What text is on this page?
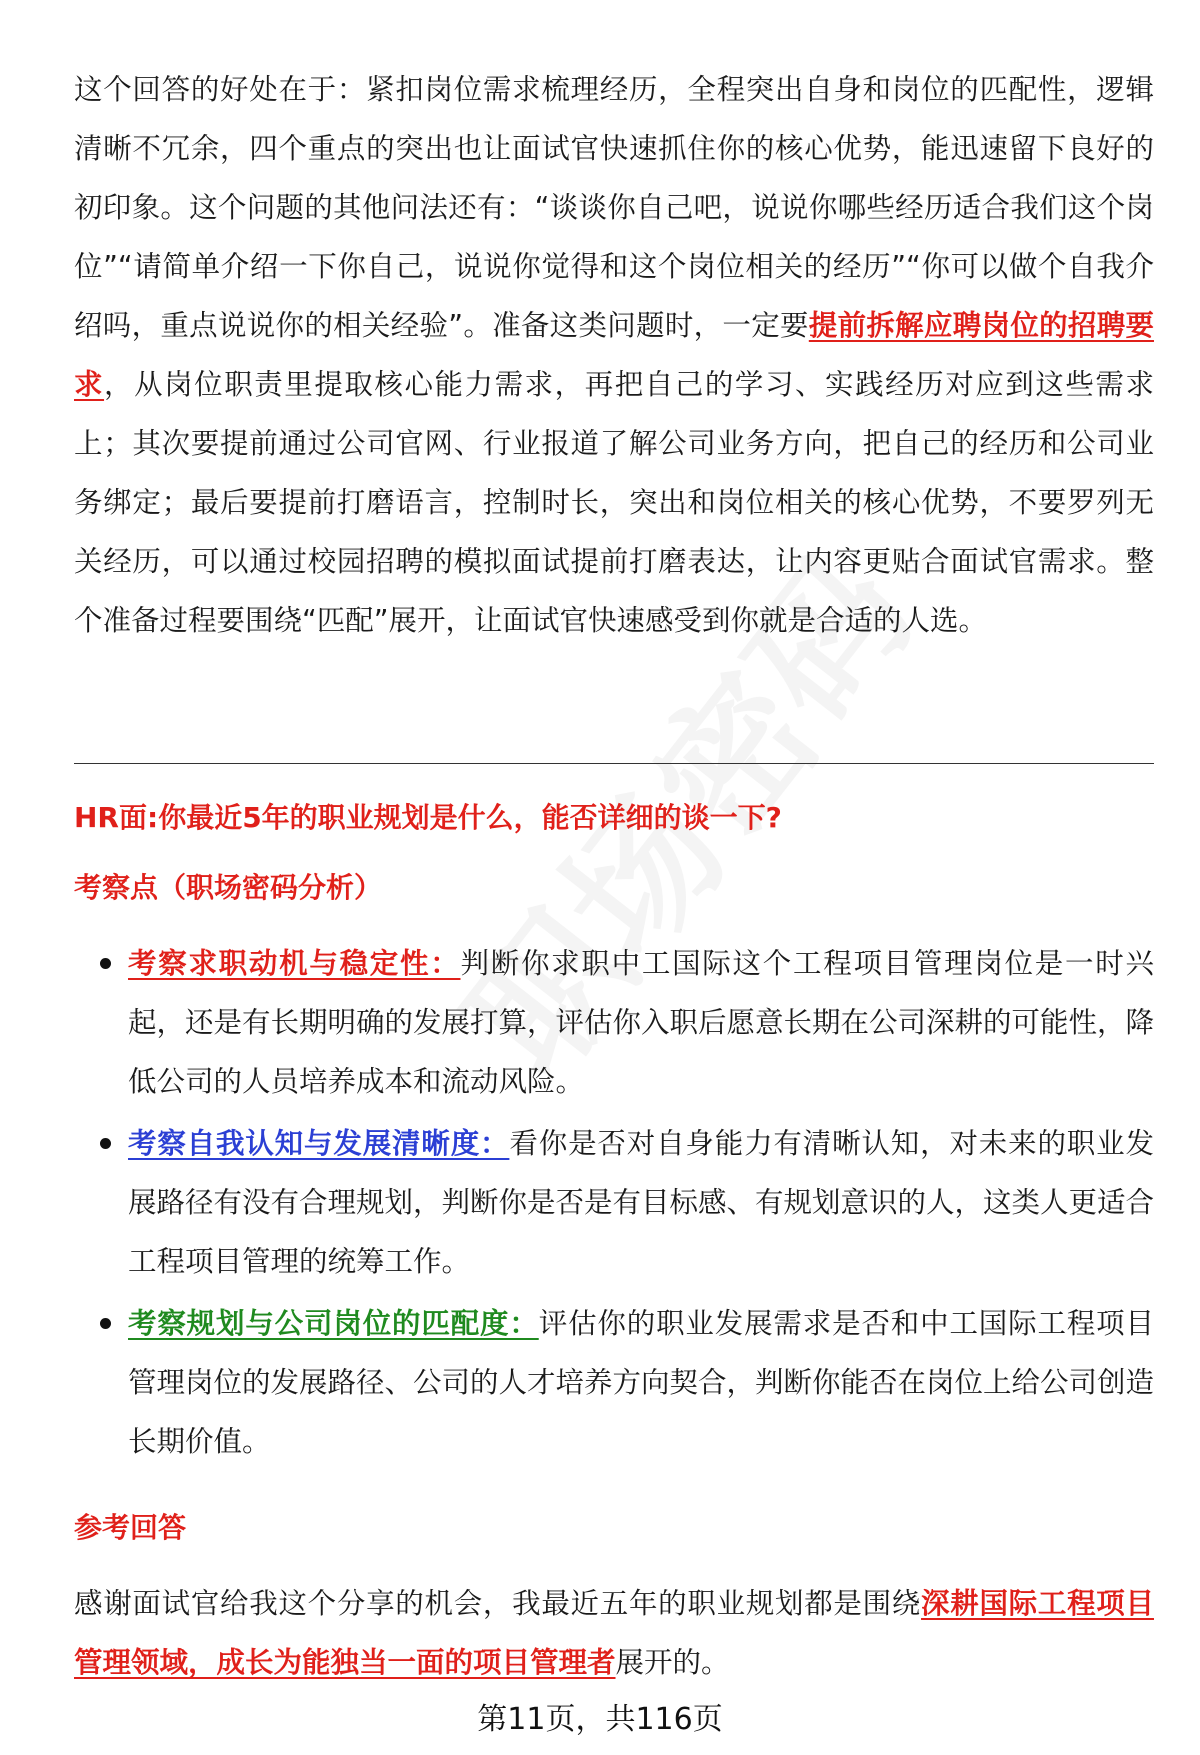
这个回答的好处在于：紧扣岗位需求梳理经历，全程突出自身和岗位的匹配性，逻辑清晰不冗余，四个重点的突出也让面试官快速抓住你的核心优势，能迅速留下良好的初印象。这个问题的其他问法还有：“谈谈你自己吧，说说你哪些经历适合我们这个岗位”“请简单介绍一下你自己，说说你觉得和这个岗位相关的经历”“你可以做个自我介绍吗，重点说说你的相关经验”。准备这类问题时，一定要提前拆解应聘岗位的招聘要求，从岗位职责里提取核心能力需求，再把自己的学习、实践经历对应到这些需求上；其次要提前通过公司官网、行业报道了解公司业务方向，把自己的经历和公司业务绑定；最后要提前打磨语言，控制时长，突出和岗位相关的核心优势，不要罗列无关经历，可以通过校园招聘的模拟面试提前打磨表达，让内容更贴合面试官需求。整个准备过程要围绕“匹配”展开，让面试官快速感受到你就是合适的人选。

HR面:你最近5年的职业规划是什么，能否详细的谈一下?

考察点（职场密码分析）

考察求职动机与稳定性：判断你求职中工国际这个工程项目管理岗位是一时兴起，还是有长期明确的发展打算，评估你入职后愿意长期在公司深耕的可能性，降低公司的人员培养成本和流动风险。
考察自我认知与发展清晰度：看你是否对自身能力有清晰认知，对未来的职业发展路径有没有合理规划，判断你是否是有目标感、有规划意识的人，这类人更适合工程项目管理的统筹工作。
考察规划与公司岗位的匹配度：评估你的职业发展需求是否和中工国际工程项目管理岗位的发展路径、公司的人才培养方向契合，判断你能否在岗位上给公司创造长期价值。

参考回答

感谢面试官给我这个分享的机会，我最近五年的职业规划都是围绕深耕国际工程项目管理领域，成长为能独当一面的项目管理者展开的。

第11页，共116页
